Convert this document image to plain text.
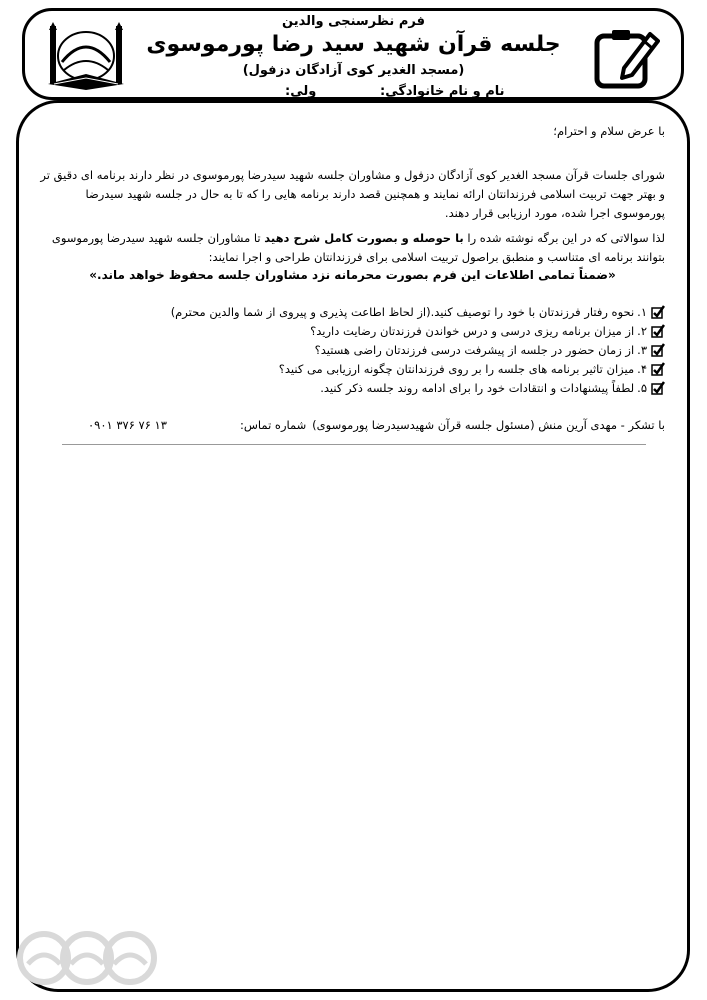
فرم نظرسنجی والدین
جلسه قرآن شهید سید رضا پورموسوی
(مسجد الغدیر کوی آزادگان دزفول)
نام و نام خانوادگی:
ولی:
با عرض سلام و احترام؛
شورای جلسات قرآن مسجد الغدیر کوی آزادگان دزفول و مشاوران جلسه شهید سیدرضا پورموسوی در نظر دارند برنامه ای دقیق تر و بهتر جهت تربیت اسلامی فرزندانتان ارائه نمایند و همچنین قصد دارند برنامه هایی را که تا به حال در جلسه شهید سیدرضا پورموسوی اجرا شده، مورد ارزیابی قرار دهند.
لذا سوالاتی که در این برگه نوشته شده را با حوصله و بصورت کامل شرح دهید تا مشاوران جلسه شهید سیدرضا پورموسوی بتوانند برنامه ای متناسب و منطبق براصول تربیت اسلامی برای فرزندانتان طراحی و اجرا نمایند:
«ضمناً تمامی اطلاعات این فرم بصورت محرمانه نزد مشاوران جلسه محفوظ خواهد ماند.»
۱.
نحوه رفتار فرزندتان با خود را توصیف کنید.(از لحاظ اطاعت پذیری و پیروی از شما والدین محترم)
۲.
از میزان برنامه ریزی درسی و درس خواندن فرزندتان رضایت دارید؟
۳.
از زمان حضور در جلسه از پیشرفت درسی فرزندتان راضی هستید؟
۴.
میزان تاثیر برنامه های جلسه را بر روی فرزندانتان چگونه ارزیابی می کنید؟
۵.
لطفاً پیشنهادات و انتقادات خود را برای ادامه روند جلسه ذکر کنید.
با تشکر - مهدی آرین منش (مسئول جلسه قرآن شهیدسیدرضا پورموسوی)
شماره تماس:
۰۹۰۱ ۳۷۶ ۷۶ ۱۳
